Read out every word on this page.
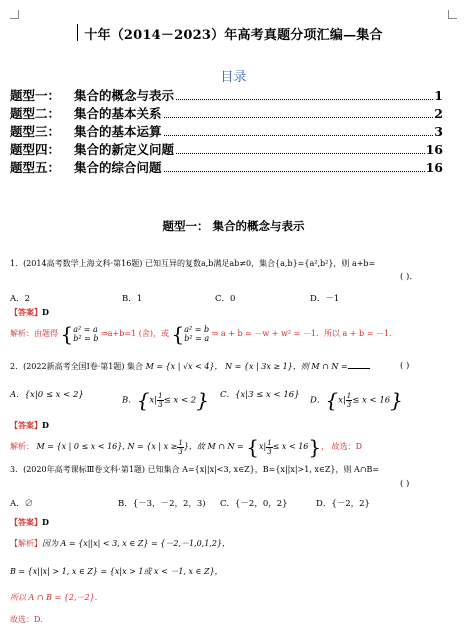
十年（2014－2023）年高考真题分项汇编—集合
目录
题型一： 集合的概念与表示	1
题型二： 集合的基本关系	2
题型三： 集合的基本运算	3
题型四： 集合的新定义问题	16
题型五： 集合的综合问题	16
题型一： 集合的概念与表示
1．(2014高考数学上海文科·第16题) 已知互异的复数a,b满足ab≠0，集合{a,b}={a²,b²}，则 a+b=
( ).
A．2	B．1	C．0	D．－1
【答案】D
解析：由题得 {a² = a
b² = b ⇒a+b=1 (舍)，或 {a² = b
b² = a ⇒ a + b = －w + w² = －1．所以 a + b = －1．
2．(2022新高考全国Ⅰ卷·第1题) 集合 M = {x | √x < 4}， N = {x | 3x ≥ 1}，则 M ∩ N =	( )
A．{x|0 ≤ x < 2}
B．$\{x| \frac{1}{3}\le x < 2\}$ C．{x|3 ≤ x < 16}
D．$\{x| \frac{1}{3}\le x < 16\}$
【答案】D
解析： M = {x | 0 ≤ x < 16}, N = {x | $x \ge \frac{1}{3}$}，故 M ∩ $N = \{x| \frac{1}{3}\le x < 16\}$， 故选：D
3．(2020年高考课标Ⅲ卷文科·第1题) 已知集合 A={x||x|<3, x∈Z}，B={x||x|>1, x∈Z}，则 A∩B=
( )
A．∅	B．{－3，－2，2，3) C．{－2，0，2}	D．{－2，2}
【答案】D
【解析】因为 A = {x||x| < 3, x ∈ Z} = {－2,－1,0,1,2}，
B = {x||x| > 1, x ∈ Z} = {x|x > 1或 x < －1, x ∈ Z}，
所以 A ∩ B = {2,－2}．
故选：D．
